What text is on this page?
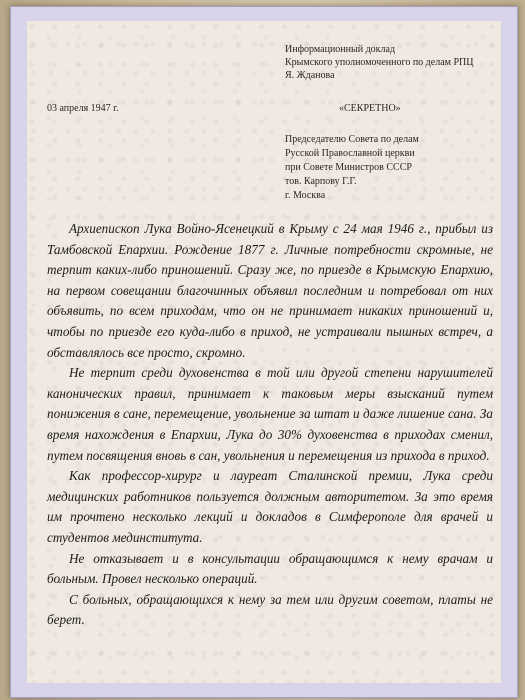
Информационный доклад
Крымского уполномоченного по делам РПЦ
Я. Жданова
03 апреля 1947 г.	«СЕКРЕТНО»
Председателю Совета по делам
Русской Православной церкви
при Совете Министров СССР
тов. Карпову Г.Г.
г. Москва

Архиепископ Лука Войно-Ясенецкий в Крыму с 24 мая 1946 г., прибыл из Тамбовской Епархии. Рождение 1877 г. Личные потребности скромные, не терпит каких-либо приношений. Сразу же, по приезде в Крымскую Епархию, на первом совещании благочинных объявил последним и потребовал от них объявить, по всем приходам, что он не принимает никаких приношений и, чтобы по приезде его куда-либо в приход, не устраивали пышных встреч, а обставлялось все просто, скромно.

Не терпит среди духовенства в той или другой степени нарушителей канонических правил, принимает к таковым меры взысканий путем понижения в сане, перемещение, увольнение за штат и даже лишение сана. За время нахождения в Епархии, Лука до 30% духовенства в приходах сменил, путем посвящения вновь в сан, увольнения и перемещения из прихода в приход.

Как профессор-хирург и лауреат Сталинской премии, Лука среди медицинских работников пользуется должным авторитетом. За это время им прочтено несколько лекций и докладов в Симферополе для врачей и студентов мединститута.

Не отказывает и в консультации обращающимся к нему врачам и больным. Провел несколько операций.

С больных, обращающихся к нему за тем или другим советом, платы не берет.
